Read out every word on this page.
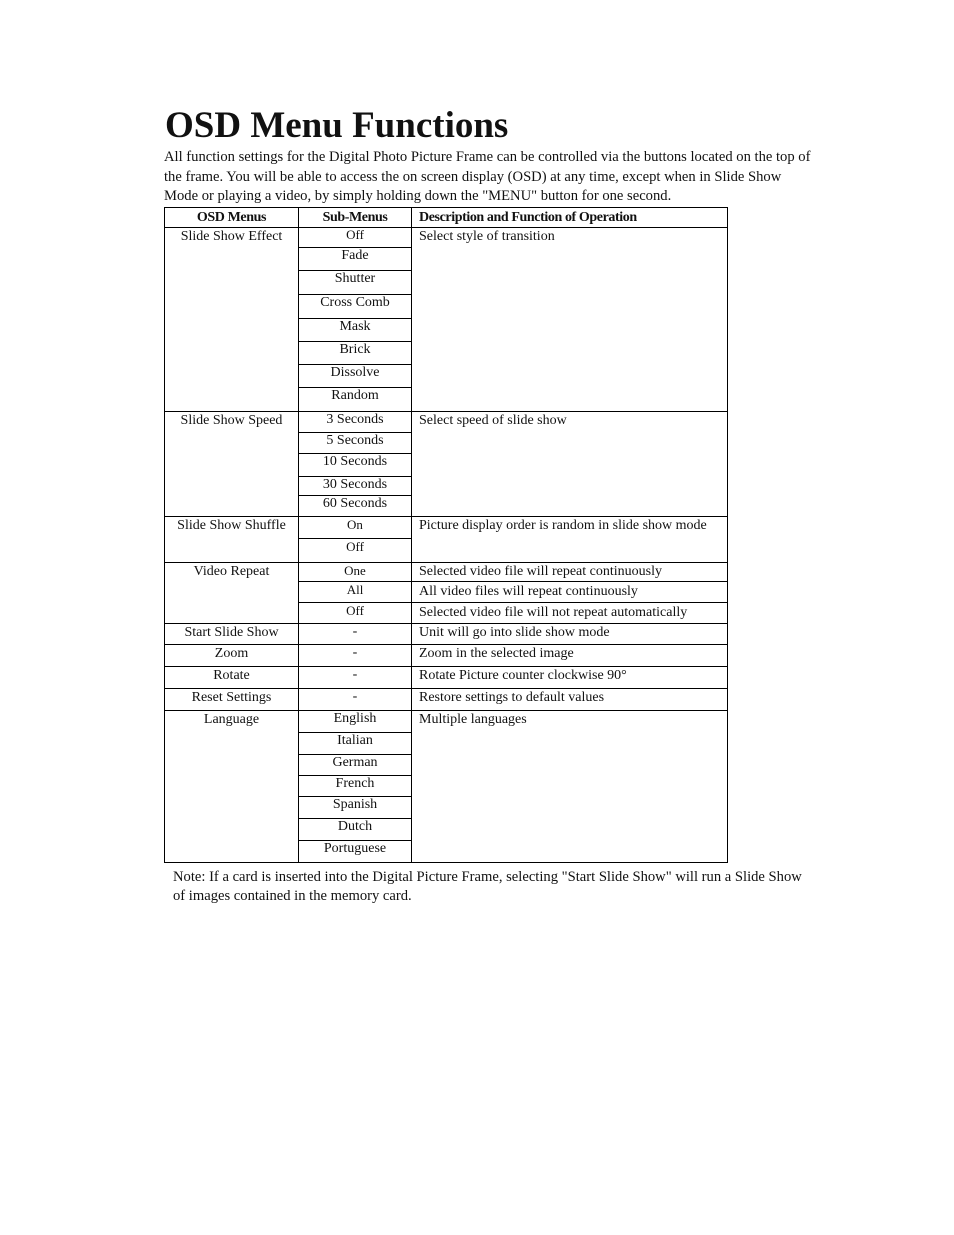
OSD Menu Functions

All function settings for the Digital Photo Picture Frame can be controlled via the buttons located on the top of the frame. You will be able to access the on screen display (OSD) at any time, except when in Slide Show Mode or playing a video, by simply holding down the "MENU" button for one second.

OSD Menus	Sub-Menus	Description and Function of Operation
Slide Show Effect	Off	Select style of transition
	Fade	
	Shutter	
	Cross Comb	
	Mask	
	Brick	
	Dissolve	
	Random	
Slide Show Speed	3 Seconds	Select speed of slide show
	5 Seconds	
	10 Seconds	
	30 Seconds	
	60 Seconds	
Slide Show Shuffle	On	Picture display order is random in slide show mode
	Off	
Video Repeat	One	Selected video file will repeat continuously
	All	All video files will repeat continuously
	Off	Selected video file will not repeat automatically
Start Slide Show	-	Unit will go into slide show mode
Zoom	-	Zoom in the selected image
Rotate	-	Rotate Picture counter clockwise 90°
Reset Settings	-	Restore settings to default values
Language	English	Multiple languages
	Italian	
	German	
	French	
	Spanish	
	Dutch	
	Portuguese	

Note: If a card is inserted into the Digital Picture Frame, selecting "Start Slide Show" will run a Slide Show of images contained in the memory card.
